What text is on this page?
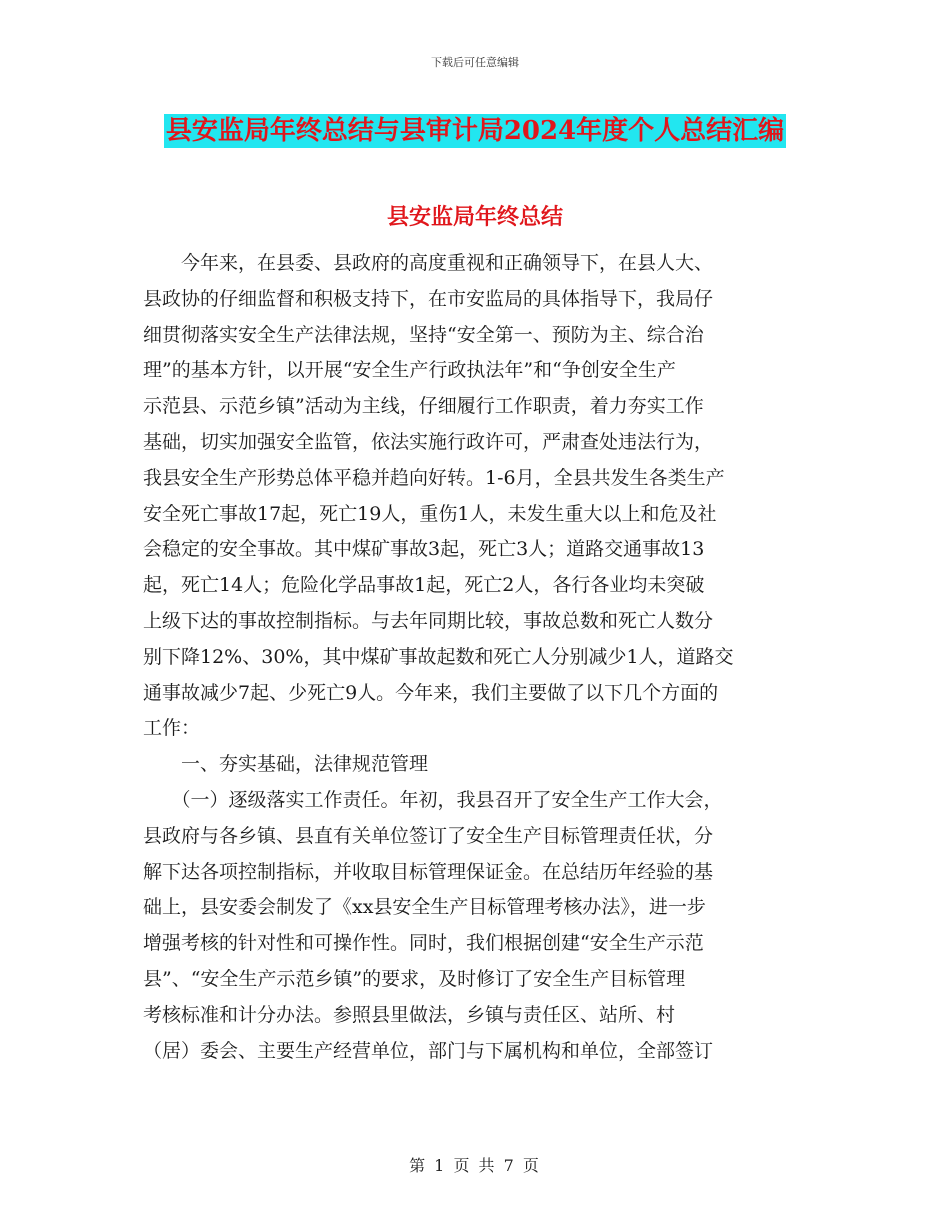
下载后可任意编辑
县安监局年终总结与县审计局2024年度个人总结汇编
县安监局年终总结
　　今年来，在县委、县政府的高度重视和正确领导下，在县人大、
县政协的仔细监督和积极支持下，在市安监局的具体指导下，我局仔
细贯彻落实安全生产法律法规，坚持“安全第一、预防为主、综合治
理”的基本方针，以开展“安全生产行政执法年”和“争创安全生产
示范县、示范乡镇”活动为主线，仔细履行工作职责，着力夯实工作
基础，切实加强安全监管，依法实施行政许可，严肃查处违法行为，
我县安全生产形势总体平稳并趋向好转。1-6月，全县共发生各类生产
安全死亡事故17起，死亡19人，重伤1人，未发生重大以上和危及社
会稳定的安全事故。其中煤矿事故3起，死亡3人；道路交通事故13
起，死亡14人；危险化学品事故1起，死亡2人，各行各业均未突破
上级下达的事故控制指标。与去年同期比较，事故总数和死亡人数分
别下降12%、30%，其中煤矿事故起数和死亡人分别减少1人，道路交
通事故减少7起、少死亡9人。今年来，我们主要做了以下几个方面的
工作：
　　一、夯实基础，法律规范管理
　　（一）逐级落实工作责任。年初，我县召开了安全生产工作大会，
县政府与各乡镇、县直有关单位签订了安全生产目标管理责任状，分
解下达各项控制指标，并收取目标管理保证金。在总结历年经验的基
础上，县安委会制发了《xx县安全生产目标管理考核办法》，进一步
增强考核的针对性和可操作性。同时，我们根据创建“安全生产示范
县”、“安全生产示范乡镇”的要求，及时修订了安全生产目标管理
考核标准和计分办法。参照县里做法，乡镇与责任区、站所、村
（居）委会、主要生产经营单位，部门与下属机构和单位，全部签订
第 1 页 共 7 页
